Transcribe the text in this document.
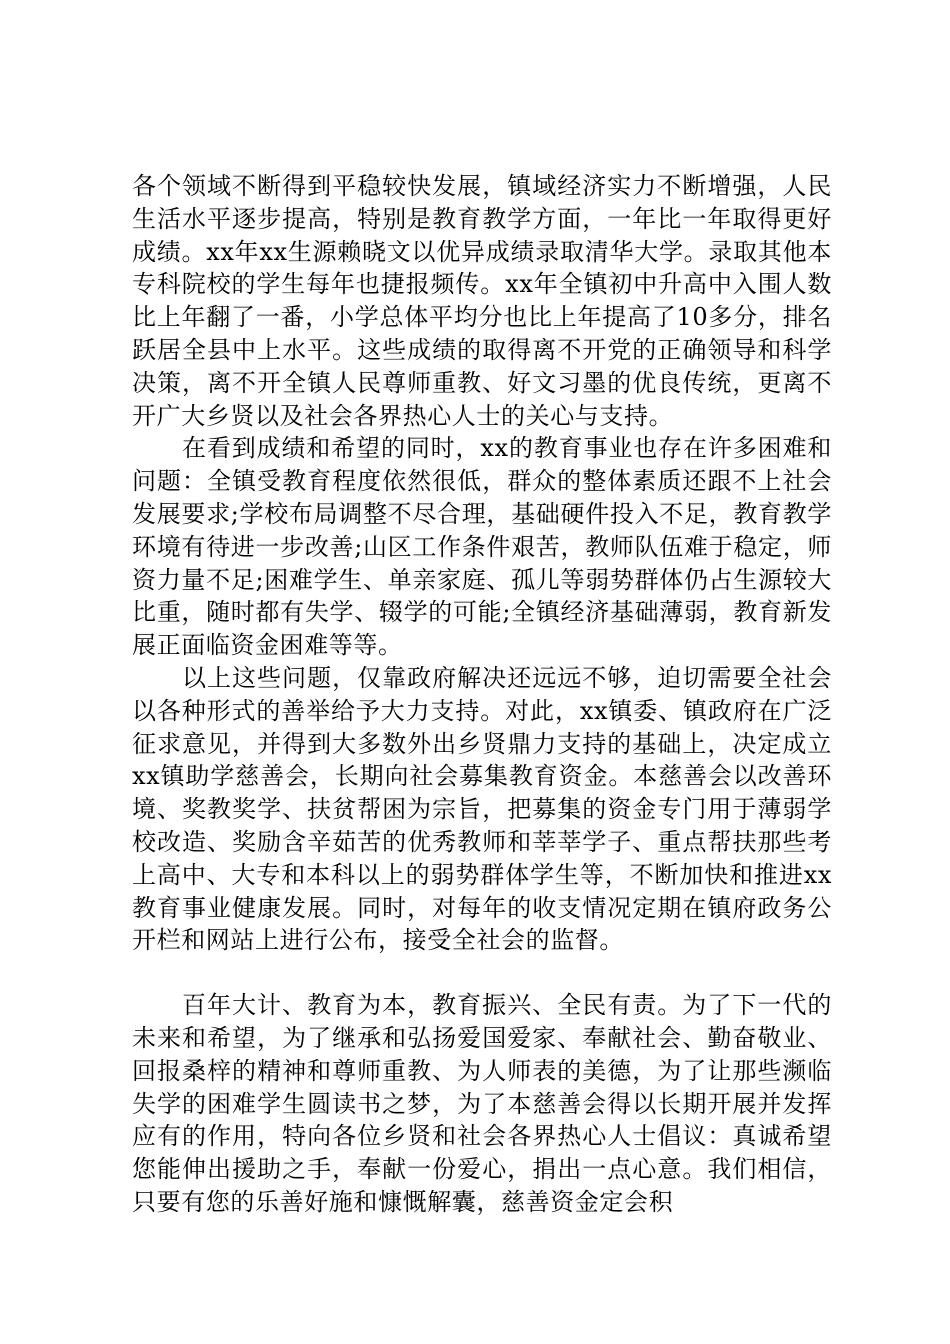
各个领域不断得到平稳较快发展，镇域经济实力不断增强，人民生活水平逐步提高，特别是教育教学方面，一年比一年取得更好成绩。xx年xx生源赖晓文以优异成绩录取清华大学。录取其他本专科院校的学生每年也捷报频传。xx年全镇初中升高中入围人数比上年翻了一番，小学总体平均分也比上年提高了10多分，排名跃居全县中上水平。这些成绩的取得离不开党的正确领导和科学决策，离不开全镇人民尊师重教、好文习墨的优良传统，更离不开广大乡贤以及社会各界热心人士的关心与支持。

在看到成绩和希望的同时，xx的教育事业也存在许多困难和问题：全镇受教育程度依然很低，群众的整体素质还跟不上社会发展要求;学校布局调整不尽合理，基础硬件投入不足，教育教学环境有待进一步改善;山区工作条件艰苦，教师队伍难于稳定，师资力量不足;困难学生、单亲家庭、孤儿等弱势群体仍占生源较大比重，随时都有失学、辍学的可能;全镇经济基础薄弱，教育新发展正面临资金困难等等。

以上这些问题，仅靠政府解决还远远不够，迫切需要全社会以各种形式的善举给予大力支持。对此，xx镇委、镇政府在广泛征求意见，并得到大多数外出乡贤鼎力支持的基础上，决定成立xx镇助学慈善会，长期向社会募集教育资金。本慈善会以改善环境、奖教奖学、扶贫帮困为宗旨，把募集的资金专门用于薄弱学校改造、奖励含辛茹苦的优秀教师和莘莘学子、重点帮扶那些考上高中、大专和本科以上的弱势群体学生等，不断加快和推进xx教育事业健康发展。同时，对每年的收支情况定期在镇府政务公开栏和网站上进行公布，接受全社会的监督。

百年大计、教育为本，教育振兴、全民有责。为了下一代的未来和希望，为了继承和弘扬爱国爱家、奉献社会、勤奋敬业、回报桑梓的精神和尊师重教、为人师表的美德，为了让那些濒临失学的困难学生圆读书之梦，为了本慈善会得以长期开展并发挥应有的作用，特向各位乡贤和社会各界热心人士倡议：真诚希望您能伸出援助之手，奉献一份爱心，捐出一点心意。我们相信，只要有您的乐善好施和慷慨解囊，慈善资金定会积
